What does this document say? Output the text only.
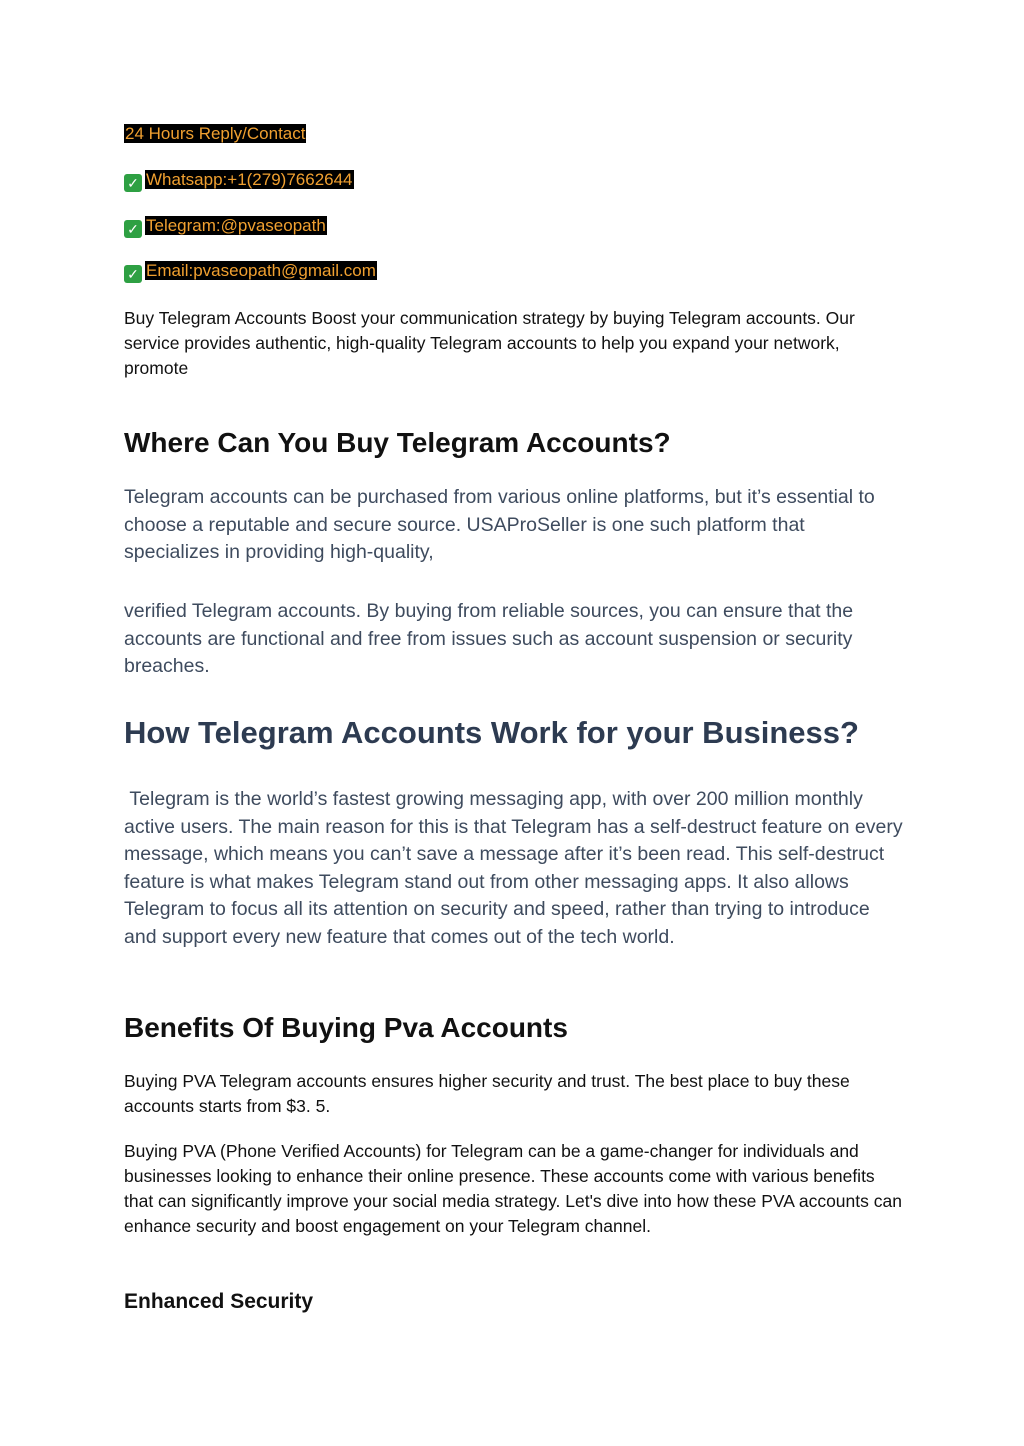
24 Hours Reply/Contact
✓ Whatsapp:+1(279)7662644
✓ Telegram:@pvaseopath
✓ Email:pvaseopath@gmail.com

Buy Telegram Accounts Boost your communication strategy by buying Telegram accounts. Our service provides authentic, high-quality Telegram accounts to help you expand your network, promote

Where Can You Buy Telegram Accounts?

Telegram accounts can be purchased from various online platforms, but it’s essential to choose a reputable and secure source. USAProSeller is one such platform that specializes in providing high-quality,

verified Telegram accounts. By buying from reliable sources, you can ensure that the accounts are functional and free from issues such as account suspension or security breaches.

How Telegram Accounts Work for your Business?

Telegram is the world’s fastest growing messaging app, with over 200 million monthly active users. The main reason for this is that Telegram has a self-destruct feature on every message, which means you can’t save a message after it’s been read. This self-destruct feature is what makes Telegram stand out from other messaging apps. It also allows Telegram to focus all its attention on security and speed, rather than trying to introduce and support every new feature that comes out of the tech world.

Benefits Of Buying Pva Accounts

Buying PVA Telegram accounts ensures higher security and trust. The best place to buy these accounts starts from $3. 5.

Buying PVA (Phone Verified Accounts) for Telegram can be a game-changer for individuals and businesses looking to enhance their online presence. These accounts come with various benefits that can significantly improve your social media strategy. Let's dive into how these PVA accounts can enhance security and boost engagement on your Telegram channel.

Enhanced Security
